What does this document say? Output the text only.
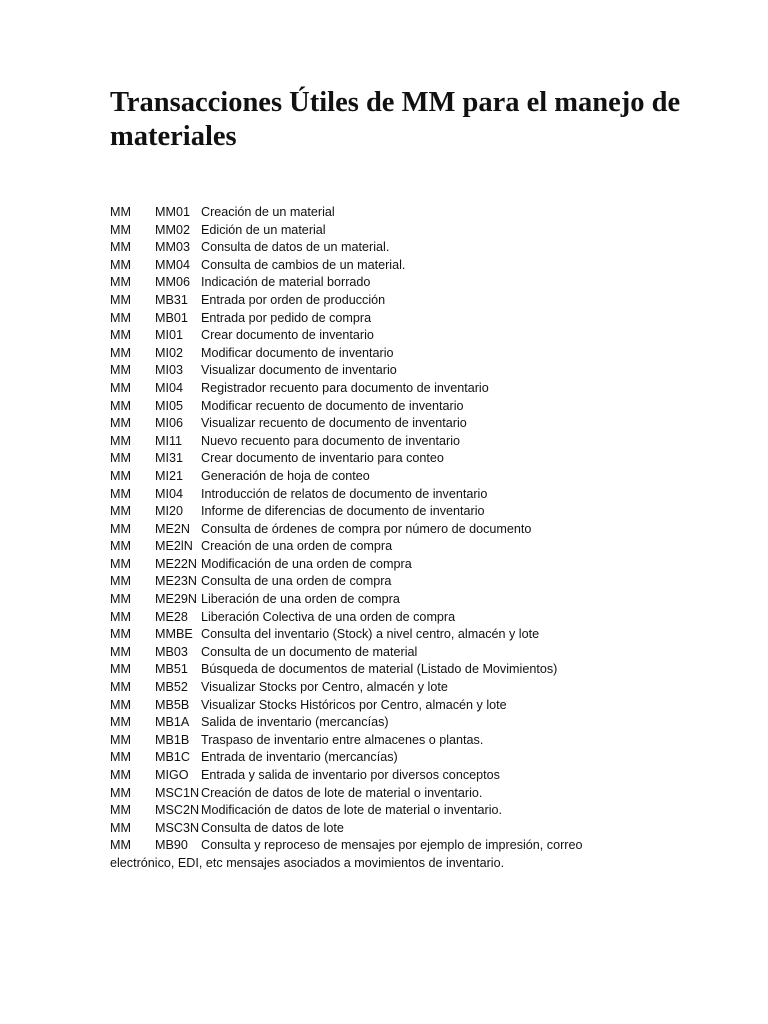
Transacciones Útiles de MM para el manejo de materiales
MM MM01 Creación de un material
MM MM02 Edición de un material
MM MM03 Consulta de datos de un material.
MM MM04 Consulta de cambios de un material.
MM MM06 Indicación de material borrado
MM MB31 Entrada por orden de producción
MM MB01 Entrada por pedido de compra
MM MI01 Crear documento de inventario
MM MI02 Modificar documento de inventario
MM MI03 Visualizar documento de inventario
MM MI04 Registrador recuento para documento de inventario
MM MI05 Modificar recuento de documento de inventario
MM MI06 Visualizar recuento de documento de inventario
MM MI11 Nuevo recuento para documento de inventario
MM MI31 Crear documento de inventario para conteo
MM MI21 Generación de hoja de conteo
MM MI04 Introducción de relatos de documento de inventario
MM MI20 Informe de diferencias de documento de inventario
MM ME2N Consulta de órdenes de compra por número de documento
MM ME2lN Creación de una orden de compra
MM ME22N Modificación de una orden de compra
MM ME23N Consulta de una orden de compra
MM ME29N Liberación de una orden de compra
MM ME28 Liberación Colectiva de una orden de compra
MM MMBE Consulta del inventario (Stock) a nivel centro, almacén y lote
MM MB03 Consulta de un documento de material
MM MB51 Búsqueda de documentos de material (Listado de Movimientos)
MM MB52 Visualizar Stocks por Centro, almacén y lote
MM MB5B Visualizar Stocks Históricos por Centro, almacén y lote
MM MB1A Salida de inventario (mercancías)
MM MB1B Traspaso de inventario entre almacenes o plantas.
MM MB1C Entrada de inventario (mercancías)
MM MIGO Entrada y salida de inventario por diversos conceptos
MM MSC1N Creación de datos de lote de material o inventario.
MM MSC2N Modificación de datos de lote de material o inventario.
MM MSC3N Consulta de datos de lote
MM MB90 Consulta y reproceso de mensajes por ejemplo de impresión, correo
electrónico, EDI, etc mensajes asociados a movimientos de inventario.
